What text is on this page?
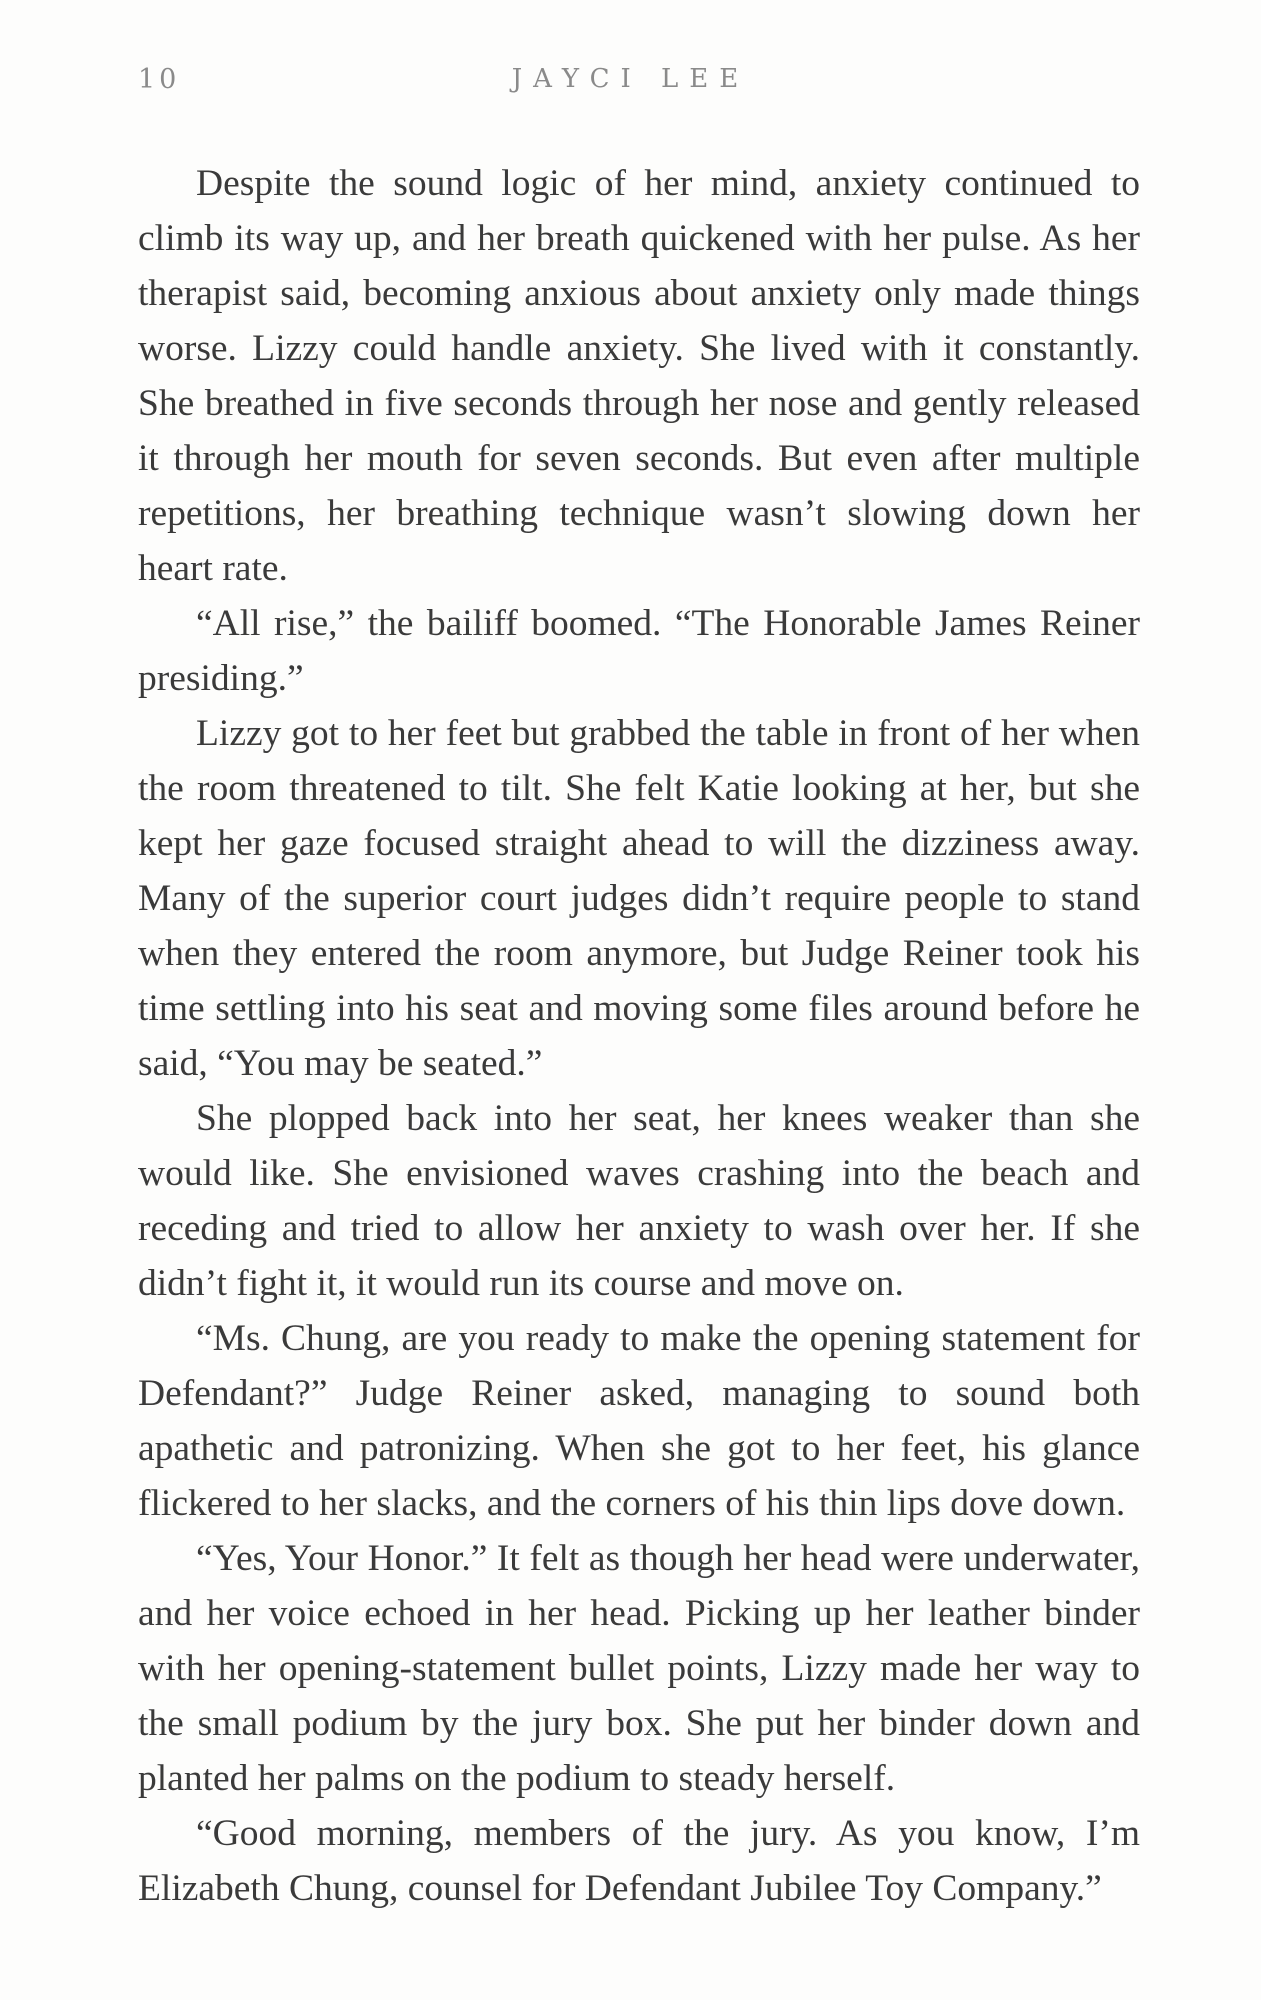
10	JAYCI LEE

Despite the sound logic of her mind, anxiety continued to climb its way up, and her breath quickened with her pulse. As her therapist said, becoming anxious about anxiety only made things worse. Lizzy could handle anxiety. She lived with it constantly. She breathed in five seconds through her nose and gently released it through her mouth for seven seconds. But even after multiple repetitions, her breathing technique wasn’t slowing down her heart rate.

“All rise,” the bailiff boomed. “The Honorable James Reiner presiding.”

Lizzy got to her feet but grabbed the table in front of her when the room threatened to tilt. She felt Katie looking at her, but she kept her gaze focused straight ahead to will the dizziness away. Many of the superior court judges didn’t require people to stand when they entered the room anymore, but Judge Reiner took his time settling into his seat and moving some files around before he said, “You may be seated.”

She plopped back into her seat, her knees weaker than she would like. She envisioned waves crashing into the beach and receding and tried to allow her anxiety to wash over her. If she didn’t fight it, it would run its course and move on.

“Ms. Chung, are you ready to make the opening statement for Defendant?” Judge Reiner asked, managing to sound both apathetic and patronizing. When she got to her feet, his glance flickered to her slacks, and the corners of his thin lips dove down.

“Yes, Your Honor.” It felt as though her head were underwater, and her voice echoed in her head. Picking up her leather binder with her opening-statement bullet points, Lizzy made her way to the small podium by the jury box. She put her binder down and planted her palms on the podium to steady herself.

“Good morning, members of the jury. As you know, I’m Elizabeth Chung, counsel for Defendant Jubilee Toy Company.”
